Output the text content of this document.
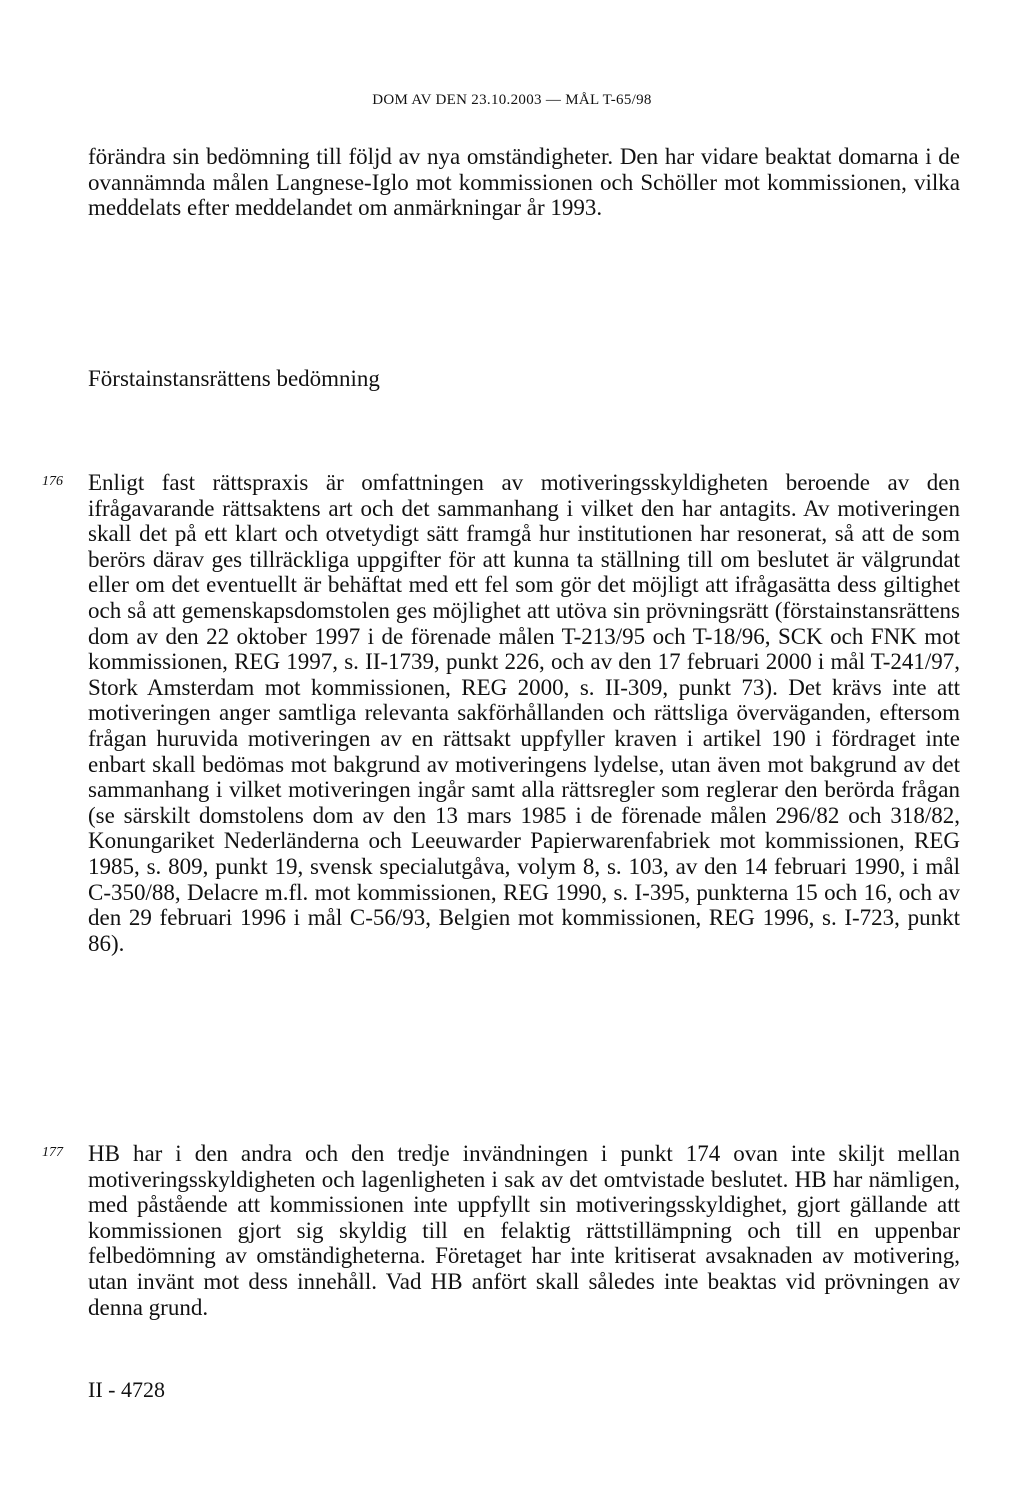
DOM AV DEN 23.10.2003 — MÅL T-65/98

förändra sin bedömning till följd av nya omständigheter. Den har vidare beaktat domarna i de ovannämnda målen Langnese-Iglo mot kommissionen och Schöller mot kommissionen, vilka meddelats efter meddelandet om anmärkningar år 1993.

Förstainstansrättens bedömning
176 Enligt fast rättspraxis är omfattningen av motiveringsskyldigheten beroende av den ifrågavarande rättsaktens art och det sammanhang i vilket den har antagits. Av motiveringen skall det på ett klart och otvetydigt sätt framgå hur institutionen har resonerat, så att de som berörs därav ges tillräckliga uppgifter för att kunna ta ställning till om beslutet är välgrundat eller om det eventuellt är behäftat med ett fel som gör det möjligt att ifrågasätta dess giltighet och så att gemenskapsdomstolen ges möjlighet att utöva sin prövningsrätt (förstainstansrättens dom av den 22 oktober 1997 i de förenade målen T-213/95 och T-18/96, SCK och FNK mot kommissionen, REG 1997, s. II-1739, punkt 226, och av den 17 februari 2000 i mål T-241/97, Stork Amsterdam mot kommissionen, REG 2000, s. II-309, punkt 73). Det krävs inte att motiveringen anger samtliga relevanta sakförhållanden och rättsliga överväganden, eftersom frågan huruvida motiveringen av en rättsakt uppfyller kraven i artikel 190 i fördraget inte enbart skall bedömas mot bakgrund av motiveringens lydelse, utan även mot bakgrund av det sammanhang i vilket motiveringen ingår samt alla rättsregler som reglerar den berörda frågan (se särskilt domstolens dom av den 13 mars 1985 i de förenade målen 296/82 och 318/82, Konungariket Nederländerna och Leeuwarder Papierwarenfabriek mot kommissionen, REG 1985, s. 809, punkt 19, svensk specialutgåva, volym 8, s. 103, av den 14 februari 1990, i mål C-350/88, Delacre m.fl. mot kommissionen, REG 1990, s. I-395, punkterna 15 och 16, och av den 29 februari 1996 i mål C-56/93, Belgien mot kommissionen, REG 1996, s. I-723, punkt 86).

177 HB har i den andra och den tredje invändningen i punkt 174 ovan inte skiljt mellan motiveringsskyldigheten och lagenligheten i sak av det omtvistade beslutet. HB har nämligen, med påstående att kommissionen inte uppfyllt sin motiveringsskyldighet, gjort gällande att kommissionen gjort sig skyldig till en felaktig rättstillämpning och till en uppenbar felbedömning av omständigheterna. Företaget har inte kritiserat avsaknaden av motivering, utan invänt mot dess innehåll. Vad HB anfört skall således inte beaktas vid prövningen av denna grund.

II - 4728
